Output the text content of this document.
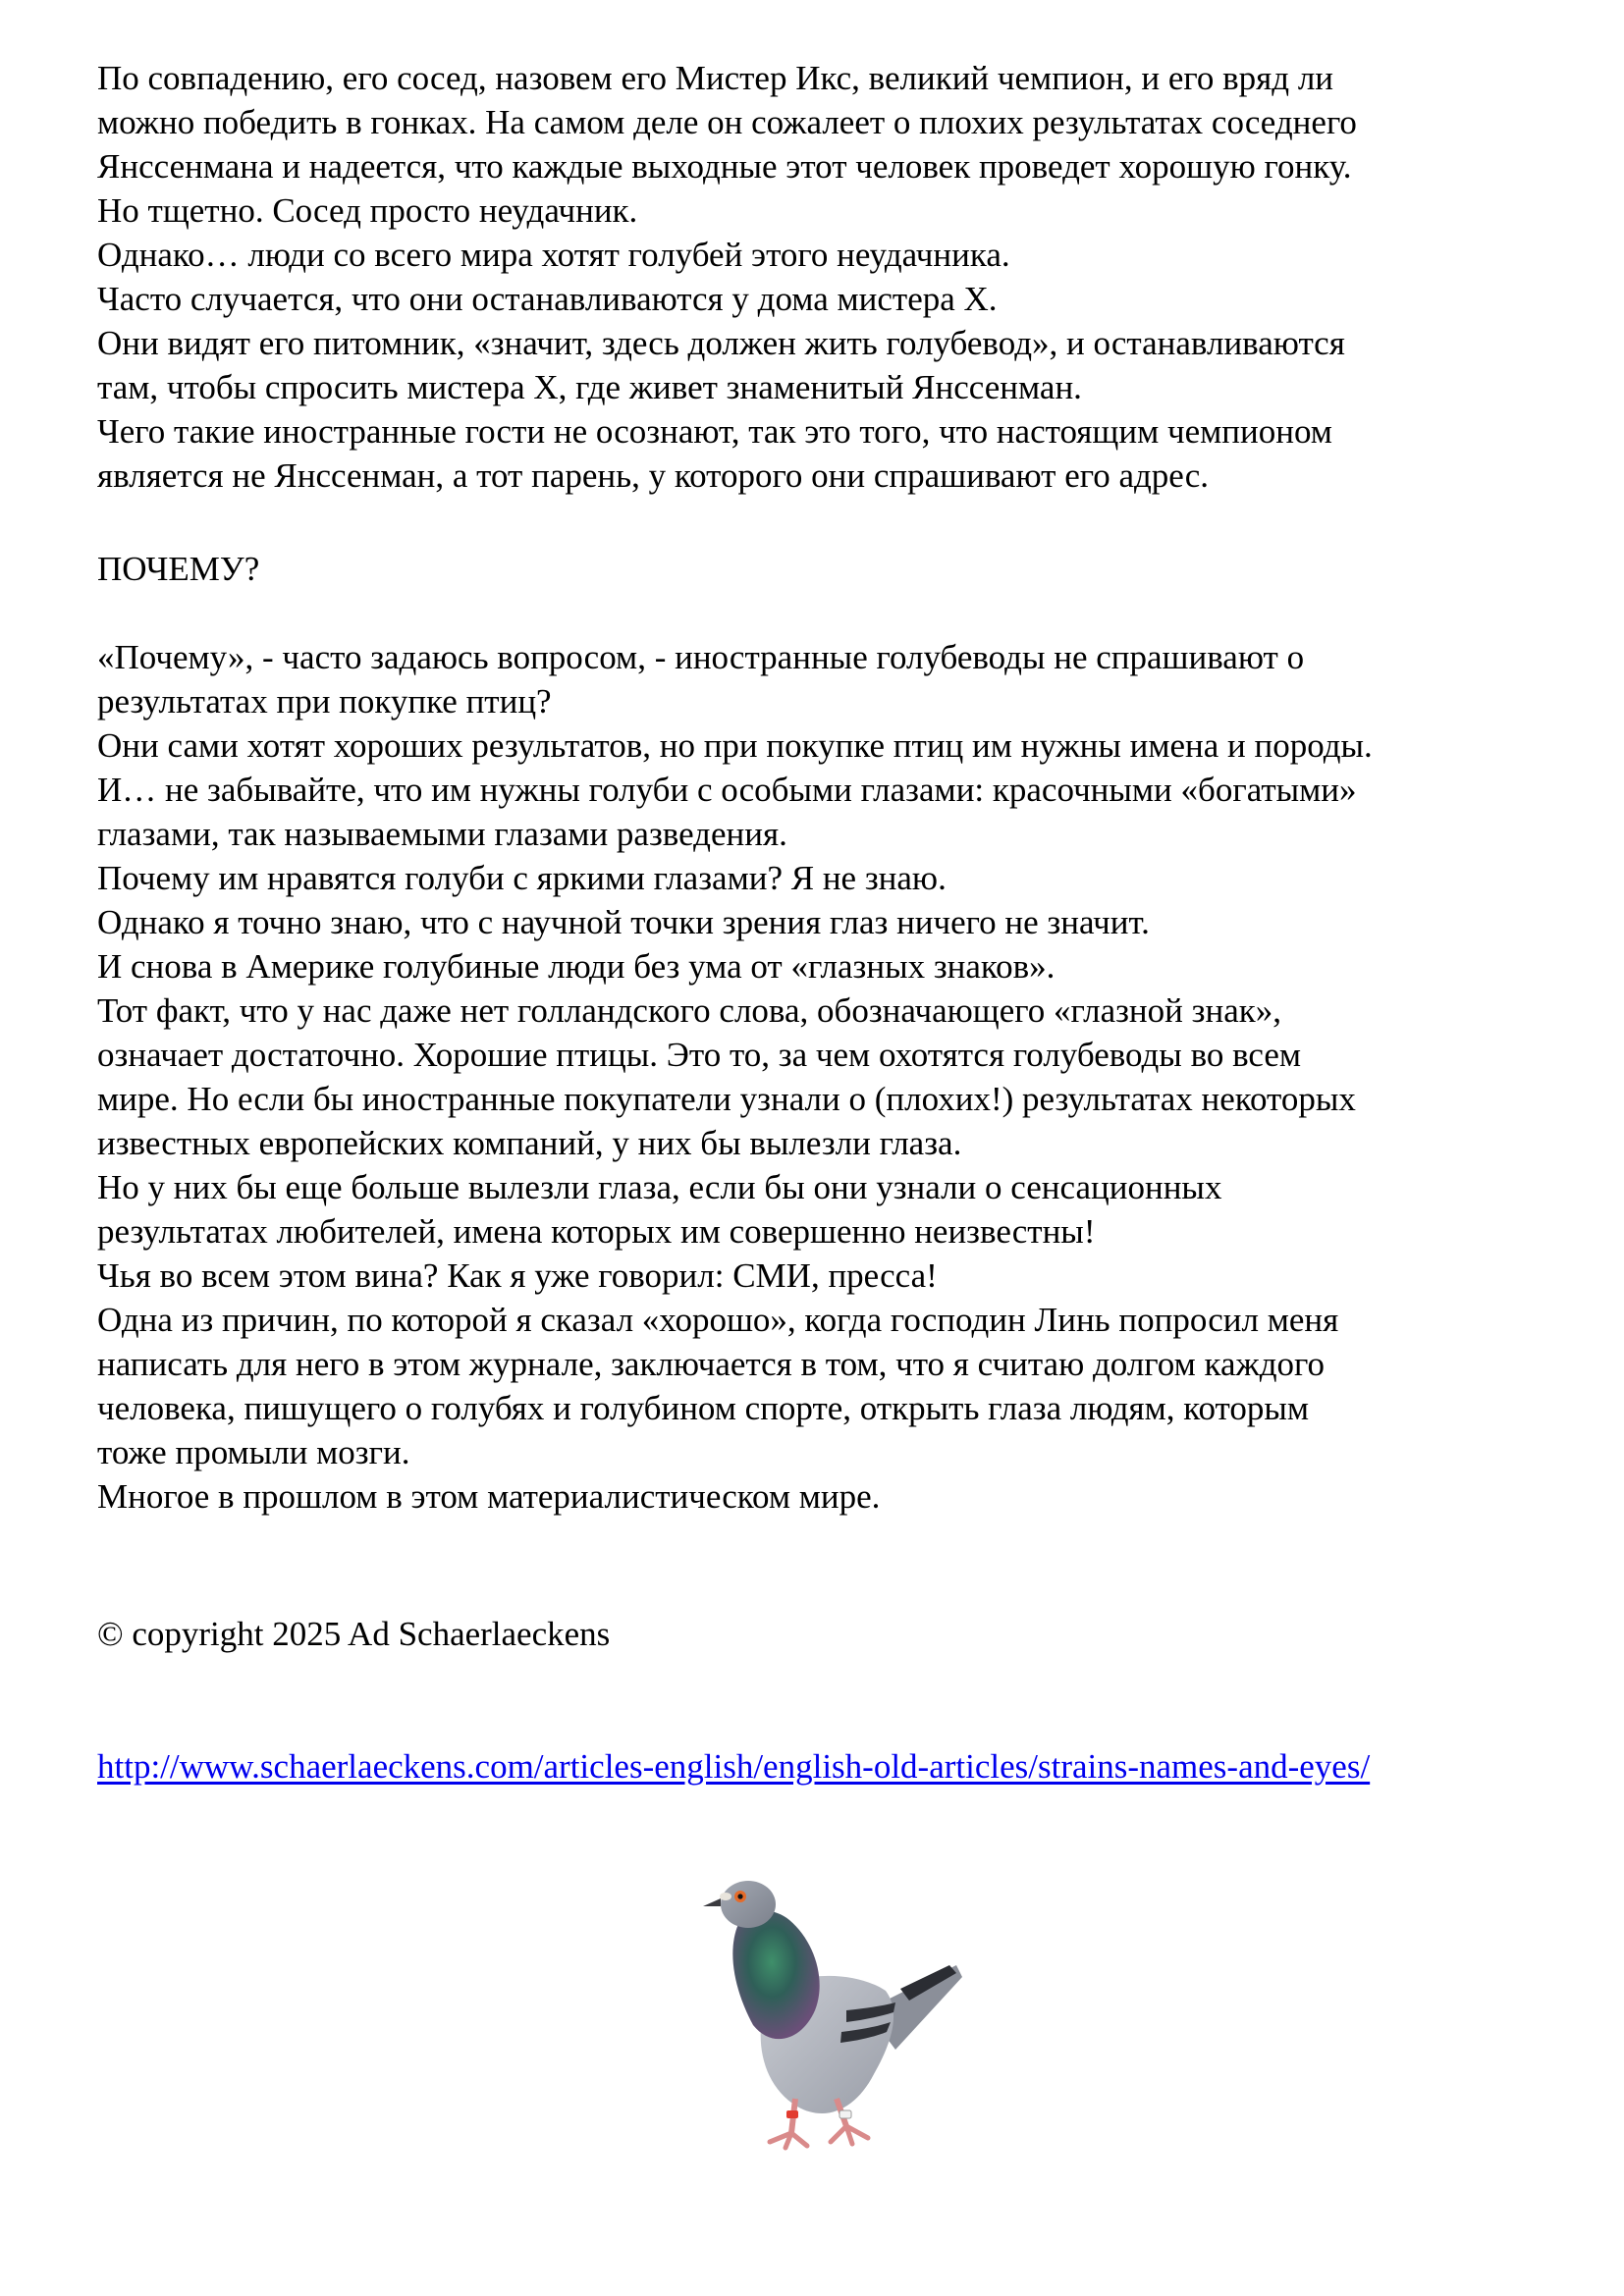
По совпадению, его сосед, назовем его Мистер Икс, великий чемпион, и его вряд ли
можно победить в гонках. На самом деле он сожалеет о плохих результатах соседнего
Янссенмана и надеется, что каждые выходные этот человек проведет хорошую гонку.
Но тщетно. Сосед просто неудачник.
Однако… люди со всего мира хотят голубей этого неудачника.
Часто случается, что они останавливаются у дома мистера X.
Они видят его питомник, «значит, здесь должен жить голубевод», и останавливаются
там, чтобы спросить мистера X, где живет знаменитый Янссенман.
Чего такие иностранные гости не осознают, так это того, что настоящим чемпионом
является не Янссенман, а тот парень, у которого они спрашивают его адрес.
ПОЧЕМУ?
«Почему», - часто задаюсь вопросом, - иностранные голубеводы не спрашивают о
результатах при покупке птиц?
Они сами хотят хороших результатов, но при покупке птиц им нужны имена и породы.
И… не забывайте, что им нужны голуби с особыми глазами: красочными «богатыми»
глазами, так называемыми глазами разведения.
Почему им нравятся голуби с яркими глазами? Я не знаю.
Однако я точно знаю, что с научной точки зрения глаз ничего не значит.
И снова в Америке голубиные люди без ума от «глазных знаков».
Тот факт, что у нас даже нет голландского слова, обозначающего «глазной знак»,
означает достаточно. Хорошие птицы. Это то, за чем охотятся голубеводы во всем
мире. Но если бы иностранные покупатели узнали о (плохих!) результатах некоторых
известных европейских компаний, у них бы вылезли глаза.
Но у них бы еще больше вылезли глаза, если бы они узнали о сенсационных
результатах любителей, имена которых им совершенно неизвестны!
Чья во всем этом вина? Как я уже говорил: СМИ, пресса!
Одна из причин, по которой я сказал «хорошо», когда господин Линь попросил меня
написать для него в этом журнале, заключается в том, что я считаю долгом каждого
человека, пишущего о голубях и голубином спорте, открыть глаза людям, которым
тоже промыли мозги.
Многое в прошлом в этом материалистическом мире.
© copyright 2025 Ad Schaerlaeckens
http://www.schaerlaeckens.com/articles-english/english-old-articles/strains-names-and-eyes/
